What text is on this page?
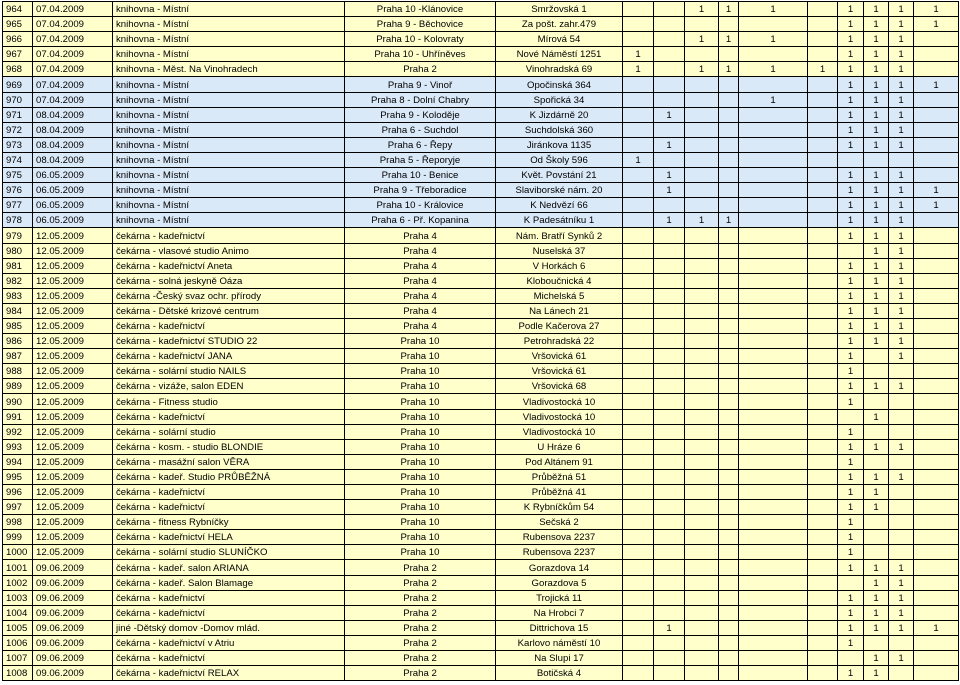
964	07.04.2009	knihovna - Místní	Praha 10 -Klánovice	Smržovská 1			1	1	1		1	1	1	1
965	07.04.2009	knihovna - Místní	Praha 9 - Běchovice	Za pošt. zahr.479							1	1	1	1
966	07.04.2009	knihovna - Místní	Praha 10 - Kolovraty	Mírová 54			1	1	1		1	1	1	
967	07.04.2009	knihovna - Místní	Praha 10 - Uhříněves	Nové Náměstí 1251	1						1	1	1	
968	07.04.2009	knihovna - Měst. Na Vinohradech	Praha 2	Vinohradská 69	1		1	1	1	1	1	1	1	
969	07.04.2009	knihovna - Místní	Praha 9 - Vinoř	Opočinská 364							1	1	1	1
970	07.04.2009	knihovna - Místní	Praha 8 - Dolní Chabry	Spořická 34					1		1	1	1	
971	08.04.2009	knihovna - Místní	Praha 9 - Koloděje	K Jizdárně 20		1					1	1	1	
972	08.04.2009	knihovna - Místní	Praha 6 - Suchdol	Suchdolská 360							1	1	1	
973	08.04.2009	knihovna - Místní	Praha 6 - Řepy	Jiránkova 1135		1					1	1	1	
974	08.04.2009	knihovna - Místní	Praha 5 - Řeporyje	Od Školy 596	1									
975	06.05.2009	knihovna - Místní	Praha 10 - Benice	Květ. Povstání 21		1					1	1	1	
976	06.05.2009	knihovna - Místní	Praha 9 - Třeboradice	Slaviborské nám. 20		1					1	1	1	1
977	06.05.2009	knihovna - Místní	Praha 10 - Královice	K Nedvězí 66							1	1	1	1
978	06.05.2009	knihovna - Místní	Praha 6 - Př. Kopanina	K Padesátníku 1		1	1	1			1	1	1	
979	12.05.2009	čekárna - kadeřnictví	Praha 4	Nám. Bratří Synků 2							1	1	1	
980	12.05.2009	čekárna - vlasové studio Animo	Praha 4	Nuselská 37								1	1	
981	12.05.2009	čekárna - kadeřnictví Aneta	Praha 4	V Horkách 6							1	1	1	
982	12.05.2009	čekárna - solná jeskyně Oáza	Praha 4	Kloboučnická 4							1	1	1	
983	12.05.2009	čekárna -Český svaz ochr. přírody	Praha 4	Michelská 5							1	1	1	
984	12.05.2009	čekárna - Dětské krizové centrum	Praha 4	Na Lánech 21							1	1	1	
985	12.05.2009	čekárna - kadeřnictví	Praha 4	Podle Kačerova 27							1	1	1	
986	12.05.2009	čekárna - kadeřnictví STUDIO 22	Praha 10	Petrohradská 22							1	1	1	
987	12.05.2009	čekárna - kadeřnictví JANA	Praha 10	Vršovická 61							1		1	
988	12.05.2009	čekárna - solární studio NAILS	Praha 10	Vršovická 61							1			
989	12.05.2009	čekárna - vizáže, salon EDEN	Praha 10	Vršovická 68							1	1	1	
990	12.05.2009	čekárna - Fitness studio	Praha 10	Vladivostocká 10							1			
991	12.05.2009	čekárna - kadeřnictví	Praha 10	Vladivostocká 10								1		
992	12.05.2009	čekárna - solární studio	Praha 10	Vladivostocká 10							1			
993	12.05.2009	čekárna - kosm. - studio BLONDIE	Praha 10	U Hráze 6							1	1	1	
994	12.05.2009	čekárna - masážní salon VĚRA	Praha 10	Pod Altánem 91							1			
995	12.05.2009	čekárna - kadeř. Studio PRŮBĚŽNÁ	Praha 10	Průběžná 51							1	1	1	
996	12.05.2009	čekárna - kadeřnictví	Praha 10	Průběžná 41							1	1		
997	12.05.2009	čekárna - kadeřnictví	Praha 10	K Rybníčkům 54							1	1		
998	12.05.2009	čekárna - fitness Rybníčky	Praha 10	Sečská 2							1			
999	12.05.2009	čekárna - kadeřnictví HELA	Praha 10	Rubensova 2237							1			
1000	12.05.2009	čekárna - solární studio SLUNÍČKO	Praha 10	Rubensova 2237							1			
1001	09.06.2009	čekárna - kadeř. salon ARIANA	Praha 2	Gorazdova 14							1	1	1	
1002	09.06.2009	čekárna - kadeř. Salon Blamage	Praha 2	Gorazdova 5								1	1	
1003	09.06.2009	čekárna - kadeřnictví	Praha 2	Trojická 11							1	1	1	
1004	09.06.2009	čekárna - kadeřnictví	Praha 2	Na Hrobci 7							1	1	1	
1005	09.06.2009	jiné -Dětský domov -Domov mlád.	Praha 2	Dittrichova 15		1					1	1	1	1
1006	09.06.2009	čekárna - kadeřnictví v Atriu	Praha 2	Karlovo náměstí 10							1			
1007	09.06.2009	čekárna - kadeřnictví	Praha 2	Na Slupi 17								1	1	
1008	09.06.2009	čekárna - kadeřnictví RELAX	Praha 2	Botičská 4							1	1		
